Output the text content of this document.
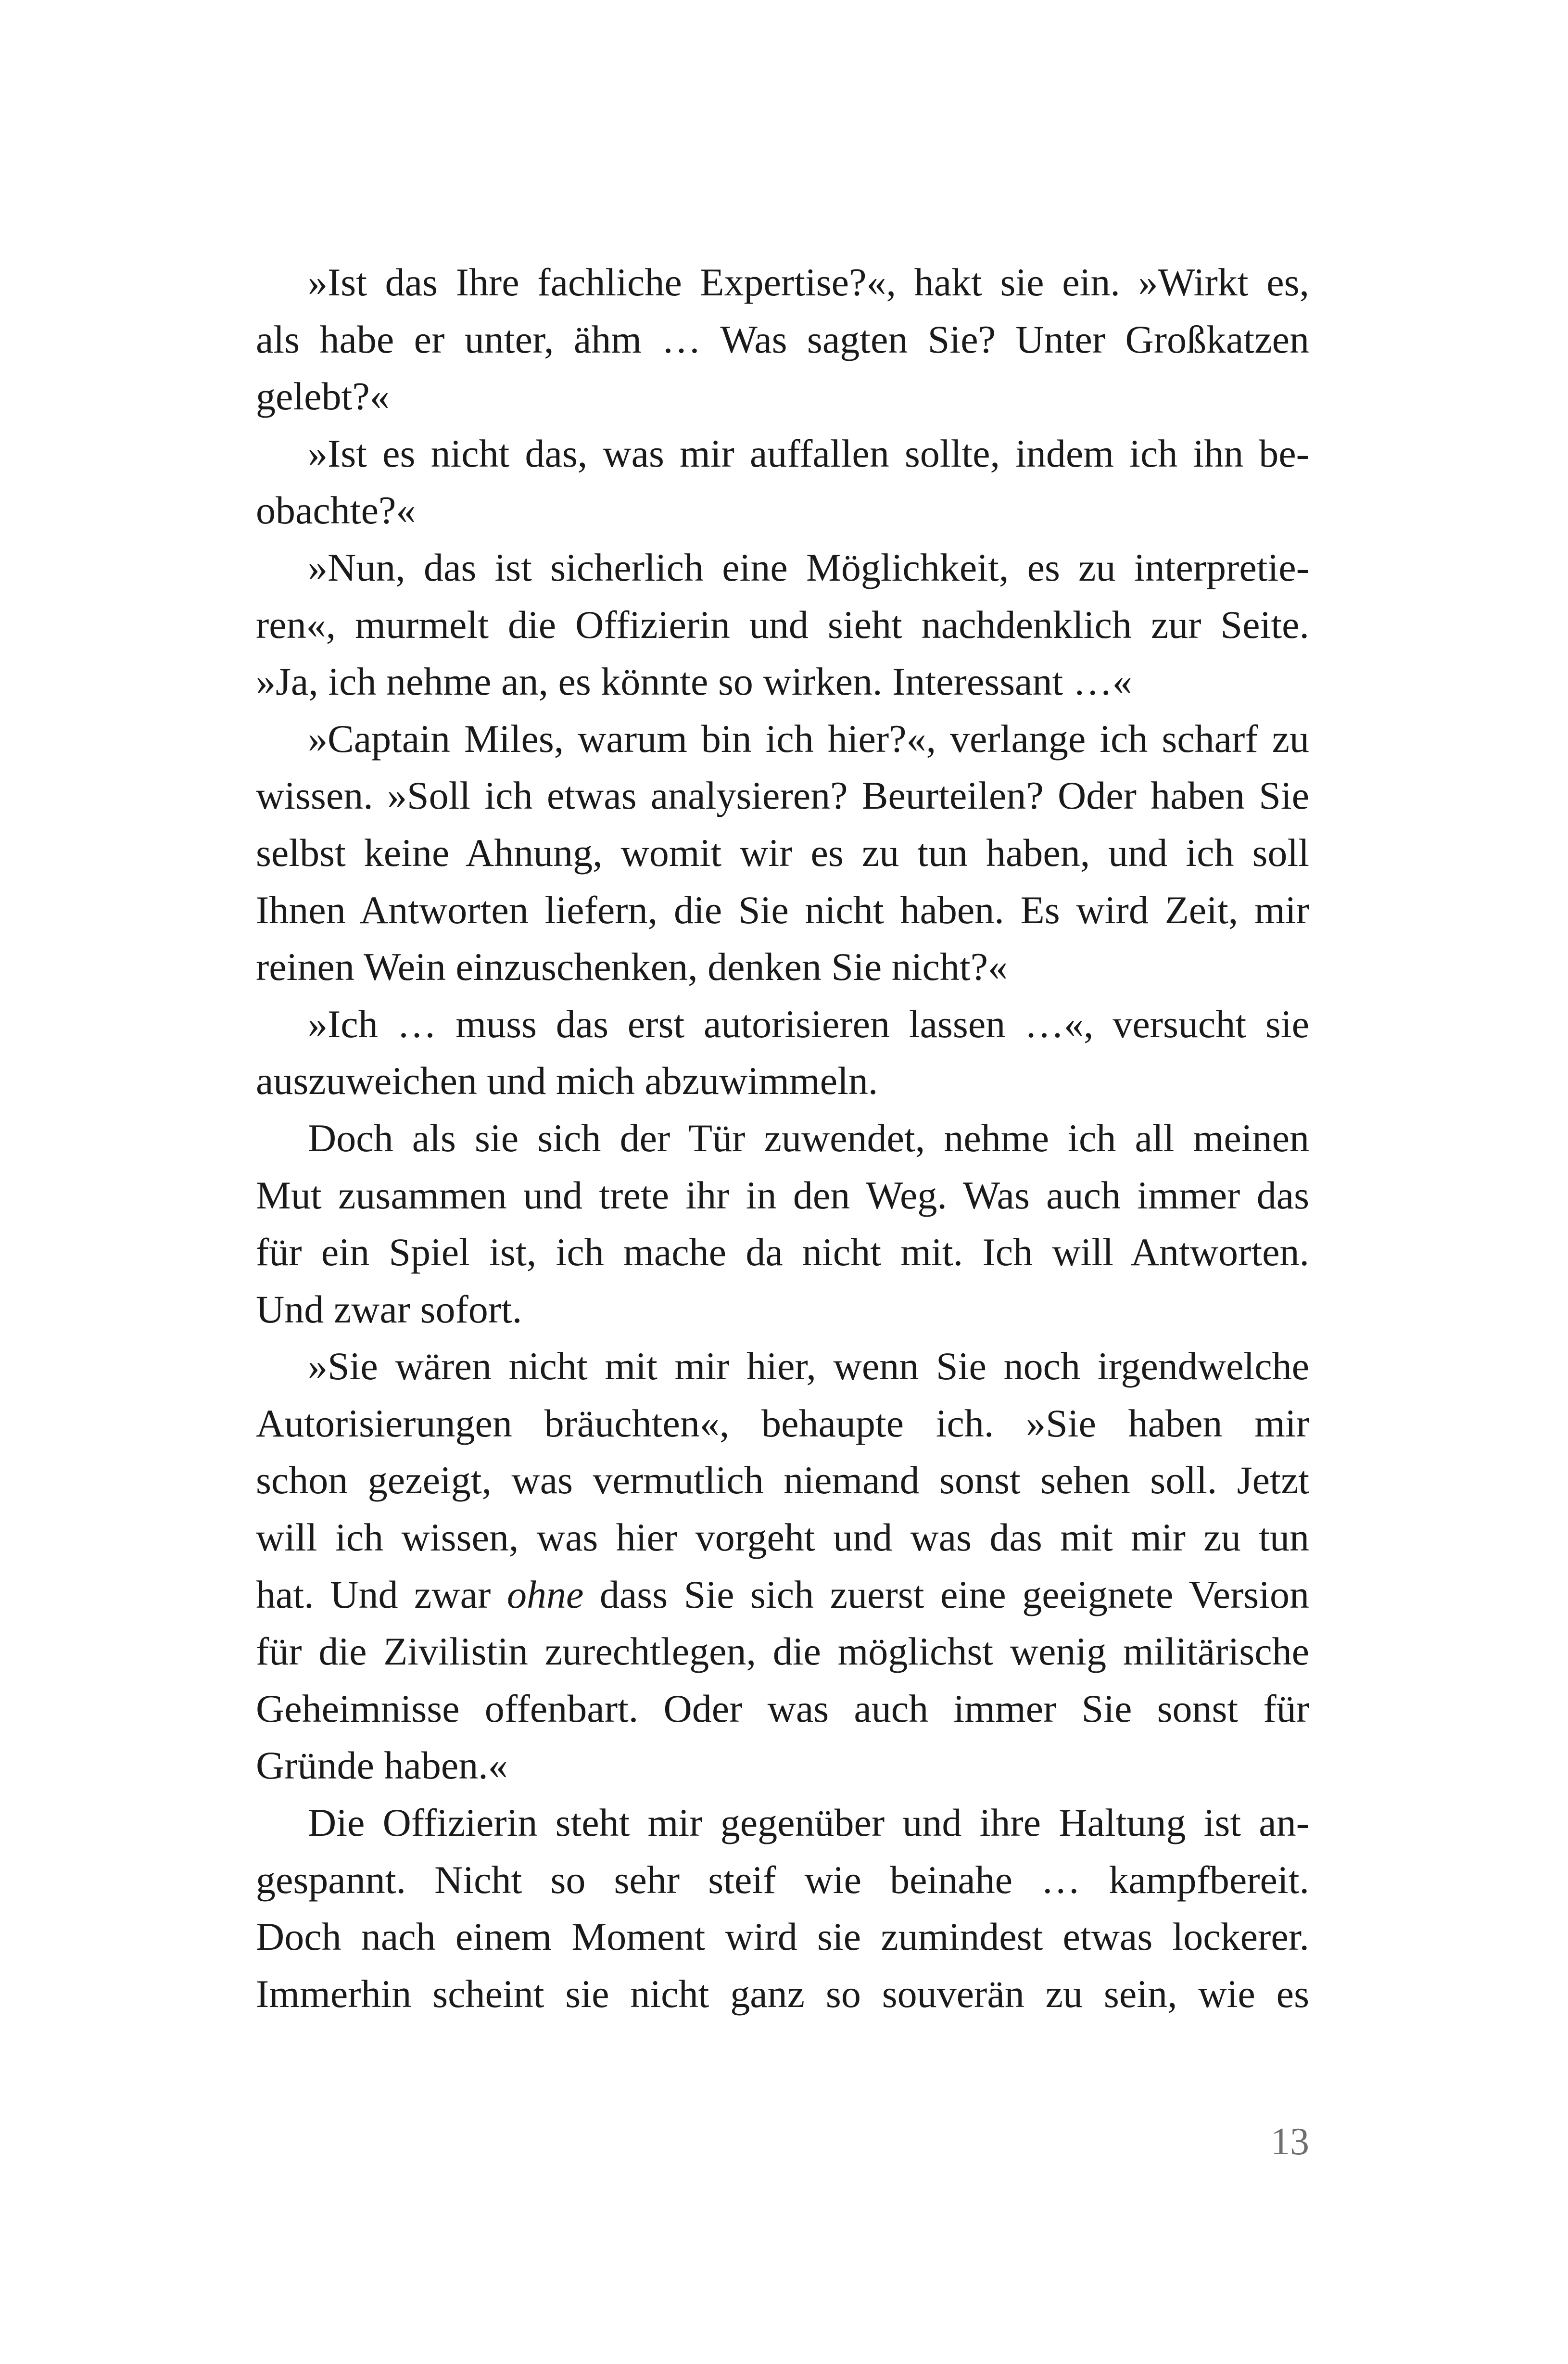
»Ist das Ihre fachliche Expertise?«, hakt sie ein. »Wirkt es,
als habe er unter, ähm … Was sagten Sie? Unter Großkatzen
gelebt?«
»Ist es nicht das, was mir auffallen sollte, indem ich ihn be-
obachte?«
»Nun, das ist sicherlich eine Möglichkeit, es zu interpretie-
ren«, murmelt die Offizierin und sieht nachdenklich zur Seite.
»Ja, ich nehme an, es könnte so wirken. Interessant …«
»Captain Miles, warum bin ich hier?«, verlange ich scharf zu
wissen. »Soll ich etwas analysieren? Beurteilen? Oder haben Sie
selbst keine Ahnung, womit wir es zu tun haben, und ich soll
Ihnen Antworten liefern, die Sie nicht haben. Es wird Zeit, mir
reinen Wein einzuschenken, denken Sie nicht?«
»Ich … muss das erst autorisieren lassen …«, versucht sie
auszuweichen und mich abzuwimmeln.
Doch als sie sich der Tür zuwendet, nehme ich all meinen
Mut zusammen und trete ihr in den Weg. Was auch immer das
für ein Spiel ist, ich mache da nicht mit. Ich will Antworten.
Und zwar sofort.
»Sie wären nicht mit mir hier, wenn Sie noch irgendwelche
Autorisierungen bräuchten«, behaupte ich. »Sie haben mir
schon gezeigt, was vermutlich niemand sonst sehen soll. Jetzt
will ich wissen, was hier vorgeht und was das mit mir zu tun
hat. Und zwar ohne dass Sie sich zuerst eine geeignete Version
für die Zivilistin zurechtlegen, die möglichst wenig militärische
Geheimnisse offenbart. Oder was auch immer Sie sonst für
Gründe haben.«
Die Offizierin steht mir gegenüber und ihre Haltung ist an-
gespannt. Nicht so sehr steif wie beinahe … kampfbereit.
Doch nach einem Moment wird sie zumindest etwas lockerer.
Immerhin scheint sie nicht ganz so souverän zu sein, wie es
13
